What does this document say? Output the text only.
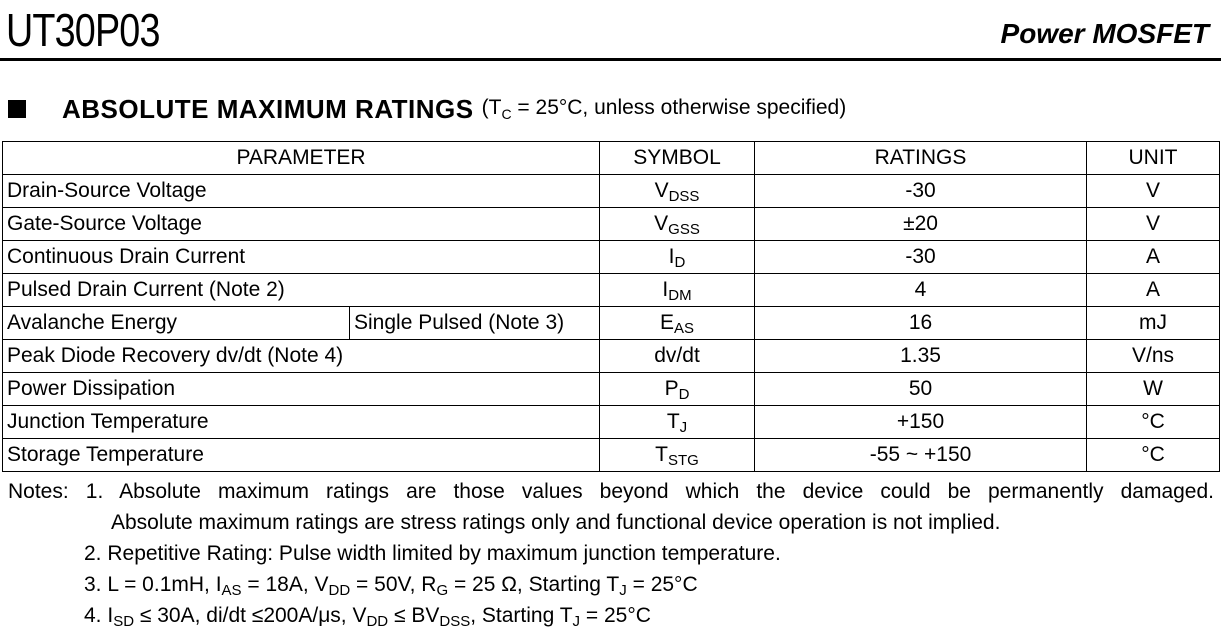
UT30P03	Power MOSFET
ABSOLUTE MAXIMUM RATINGS ($T_C = 25^\circ C$, unless otherwise specified)
PARAMETER		SYMBOL	RATINGS	UNIT
Drain-Source Voltage		$V_{DSS}$	-30	V
Gate-Source Voltage		$V_{GSS}$	±20	V
Continuous Drain Current		$I_D$	-30	A
Pulsed Drain Current (Note 2)		$I_{DM}$	4	A
Avalanche Energy	Single Pulsed (Note 3)	$E_{AS}$	16	mJ
Peak Diode Recovery dv/dt (Note 4)		dv/dt	1.35	V/ns
Power Dissipation		$P_D$	50	W
Junction Temperature		$T_J$	+150	°C
Storage Temperature		$T_{STG}$	-55 ~ +150	°C
Notes: 1. Absolute maximum ratings are those values beyond which the device could be permanently damaged.
Absolute maximum ratings are stress ratings only and functional device operation is not implied.
2. Repetitive Rating: Pulse width limited by maximum junction temperature.
3. L = 0.1mH, $I_{AS} = 18A$, $V_{DD} = 50V$, $R_G = 25$ Ω, Starting $T_J = 25^\circ C$
4. $I_{SD} \le 30A$, di/dt ≤200A/μs, $V_{DD} \le BV_{DSS}$, Starting $T_J = 25^\circ C$
